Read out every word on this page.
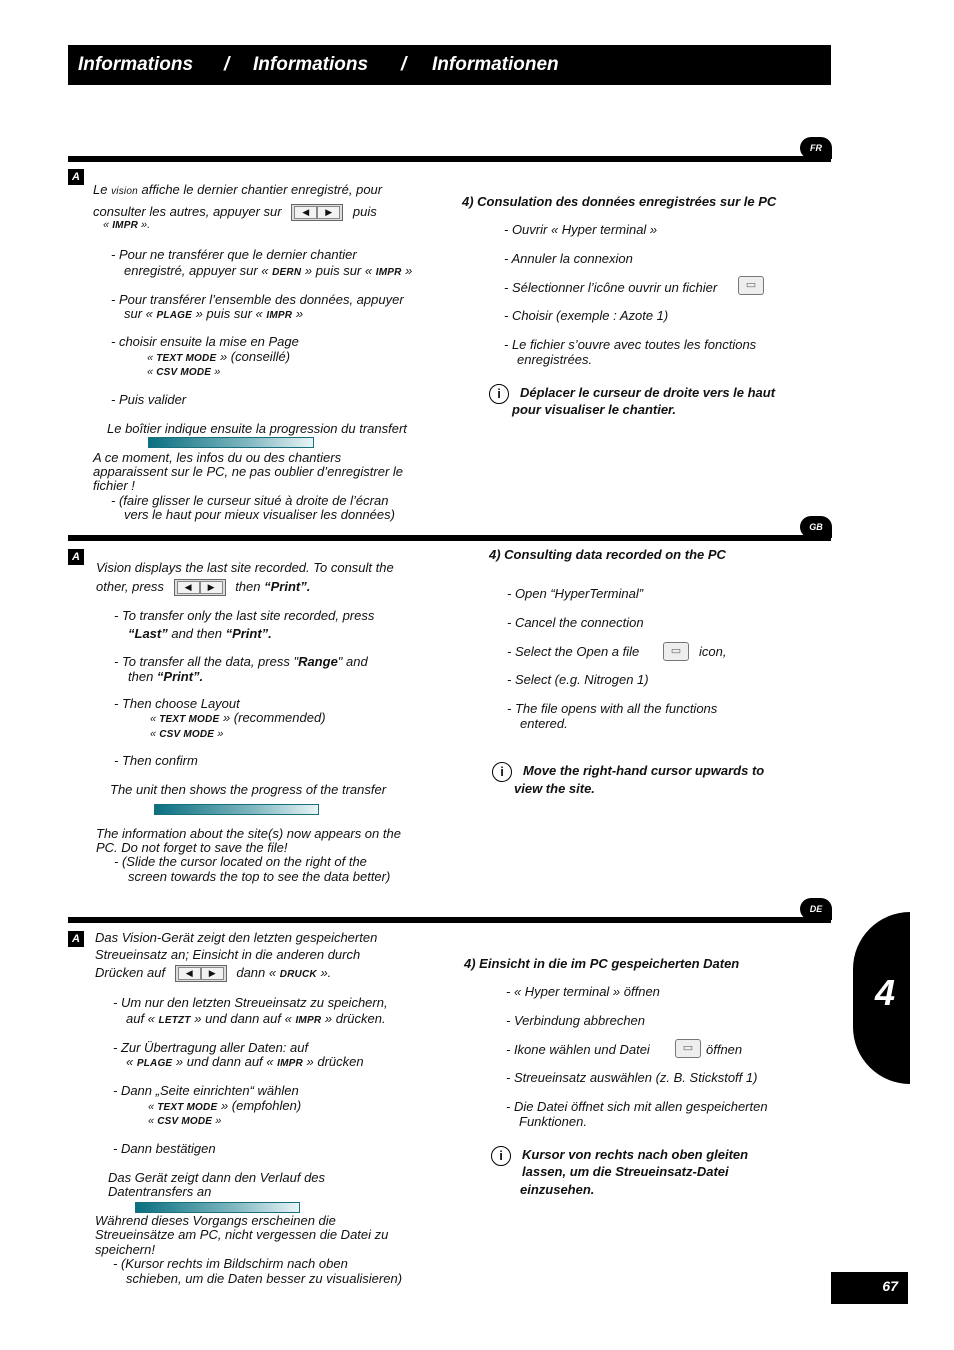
Informations / Informations / Informationen
FR
A
Le vision affiche le dernier chantier enregistré, pour
consulter les autres, appuyer sur	◀	▶	puis
« IMPR ».
- Pour ne transférer que le dernier chantier
enregistré, appuyer sur « DERN » puis sur « IMPR »
- Pour transférer l’ensemble des données, appuyer
sur « PLAGE » puis sur « IMPR »
- choisir ensuite la mise en Page
« TEXT MODE » (conseillé)
« CSV MODE »
- Puis valider
Le boîtier indique ensuite la progression du transfert
A ce moment, les infos du ou des chantiers
apparaissent sur le PC, ne pas oublier d’enregistrer le
fichier !
- (faire glisser le curseur situé à droite de l’écran
vers le haut pour mieux visualiser les données)
4) Consulation des données enregistrées sur le PC
- Ouvrir « Hyper terminal »
- Annuler la connexion
- Sélectionner l’icône ouvrir un fichier	▭
- Choisir (exemple : Azote 1)
- Le fichier s’ouvre avec toutes les fonctions
enregistrées.
i	Déplacer le curseur de droite vers le haut
pour visualiser le chantier.
GB
A
Vision displays the last site recorded. To consult the
other, press	◀	▶	then “Print”.
- To transfer only the last site recorded, press
“Last” and then “Print”.
- To transfer all the data, press "Range" and
then “Print”.
- Then choose Layout
« TEXT MODE » (recommended)
« CSV MODE »
- Then confirm
The unit then shows the progress of the transfer
The information about the site(s) now appears on the
PC. Do not forget to save the file!
- (Slide the cursor located on the right of the
screen towards the top to see the data better)
4) Consulting data recorded on the PC
- Open “HyperTerminal”
- Cancel the connection
- Select the Open a file	▭	icon,
- Select (e.g. Nitrogen 1)
- The file opens with all the functions
entered.
i	Move the right-hand cursor upwards to
view the site.
DE
A	Das Vision-Gerät zeigt den letzten gespeicherten
Streueinsatz an; Einsicht in die anderen durch
Drücken auf	◀	▶	dann « DRUCK ».
- Um nur den letzten Streueinsatz zu speichern,
auf « LETZT » und dann auf « IMPR » drücken.
- Zur Übertragung aller Daten: auf
« PLAGE » und dann auf « IMPR » drücken
- Dann „Seite einrichten“ wählen
« TEXT MODE » (empfohlen)
« CSV MODE »
- Dann bestätigen
Das Gerät zeigt dann den Verlauf des
Datentransfers an
Während dieses Vorgangs erscheinen die
Streueinsätze am PC, nicht vergessen die Datei zu
speichern!
- (Kursor rechts im Bildschirm nach oben
schieben, um die Daten besser zu visualisieren)
4) Einsicht in die im PC gespeicherten Daten
- « Hyper terminal » öffnen
- Verbindung abbrechen
- Ikone wählen und Datei	▭ öffnen
- Streueinsatz auswählen (z. B. Stickstoff 1)
- Die Datei öffnet sich mit allen gespeicherten
Funktionen.
i	Kursor von rechts nach oben gleiten
lassen, um die Streueinsatz-Datei
einzusehen.
4
67
